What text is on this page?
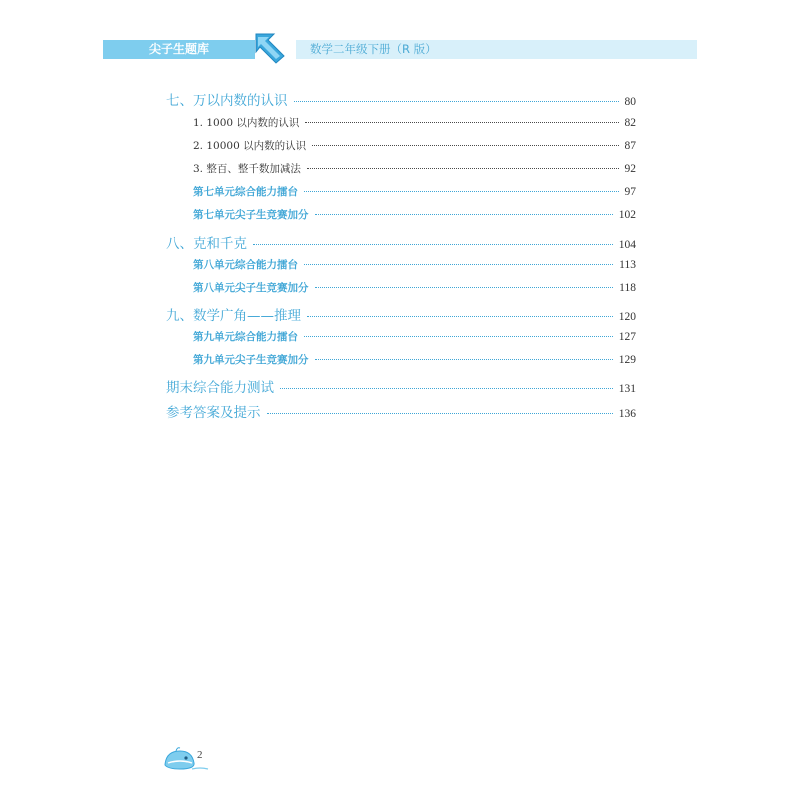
尖子生题库	数学二年级下册（R 版）
七、万以内数的认识	80
1. 1000 以内数的认识	82
2. 10000 以内数的认识	87
3. 整百、整千数加减法	92
第七单元综合能力擂台	97
第七单元尖子生竞赛加分	102
八、克和千克	104
第八单元综合能力擂台	113
第八单元尖子生竞赛加分	118
九、数学广角——推理	120
第九单元综合能力擂台	127
第九单元尖子生竞赛加分	129
期末综合能力测试	131
参考答案及提示	136
2
